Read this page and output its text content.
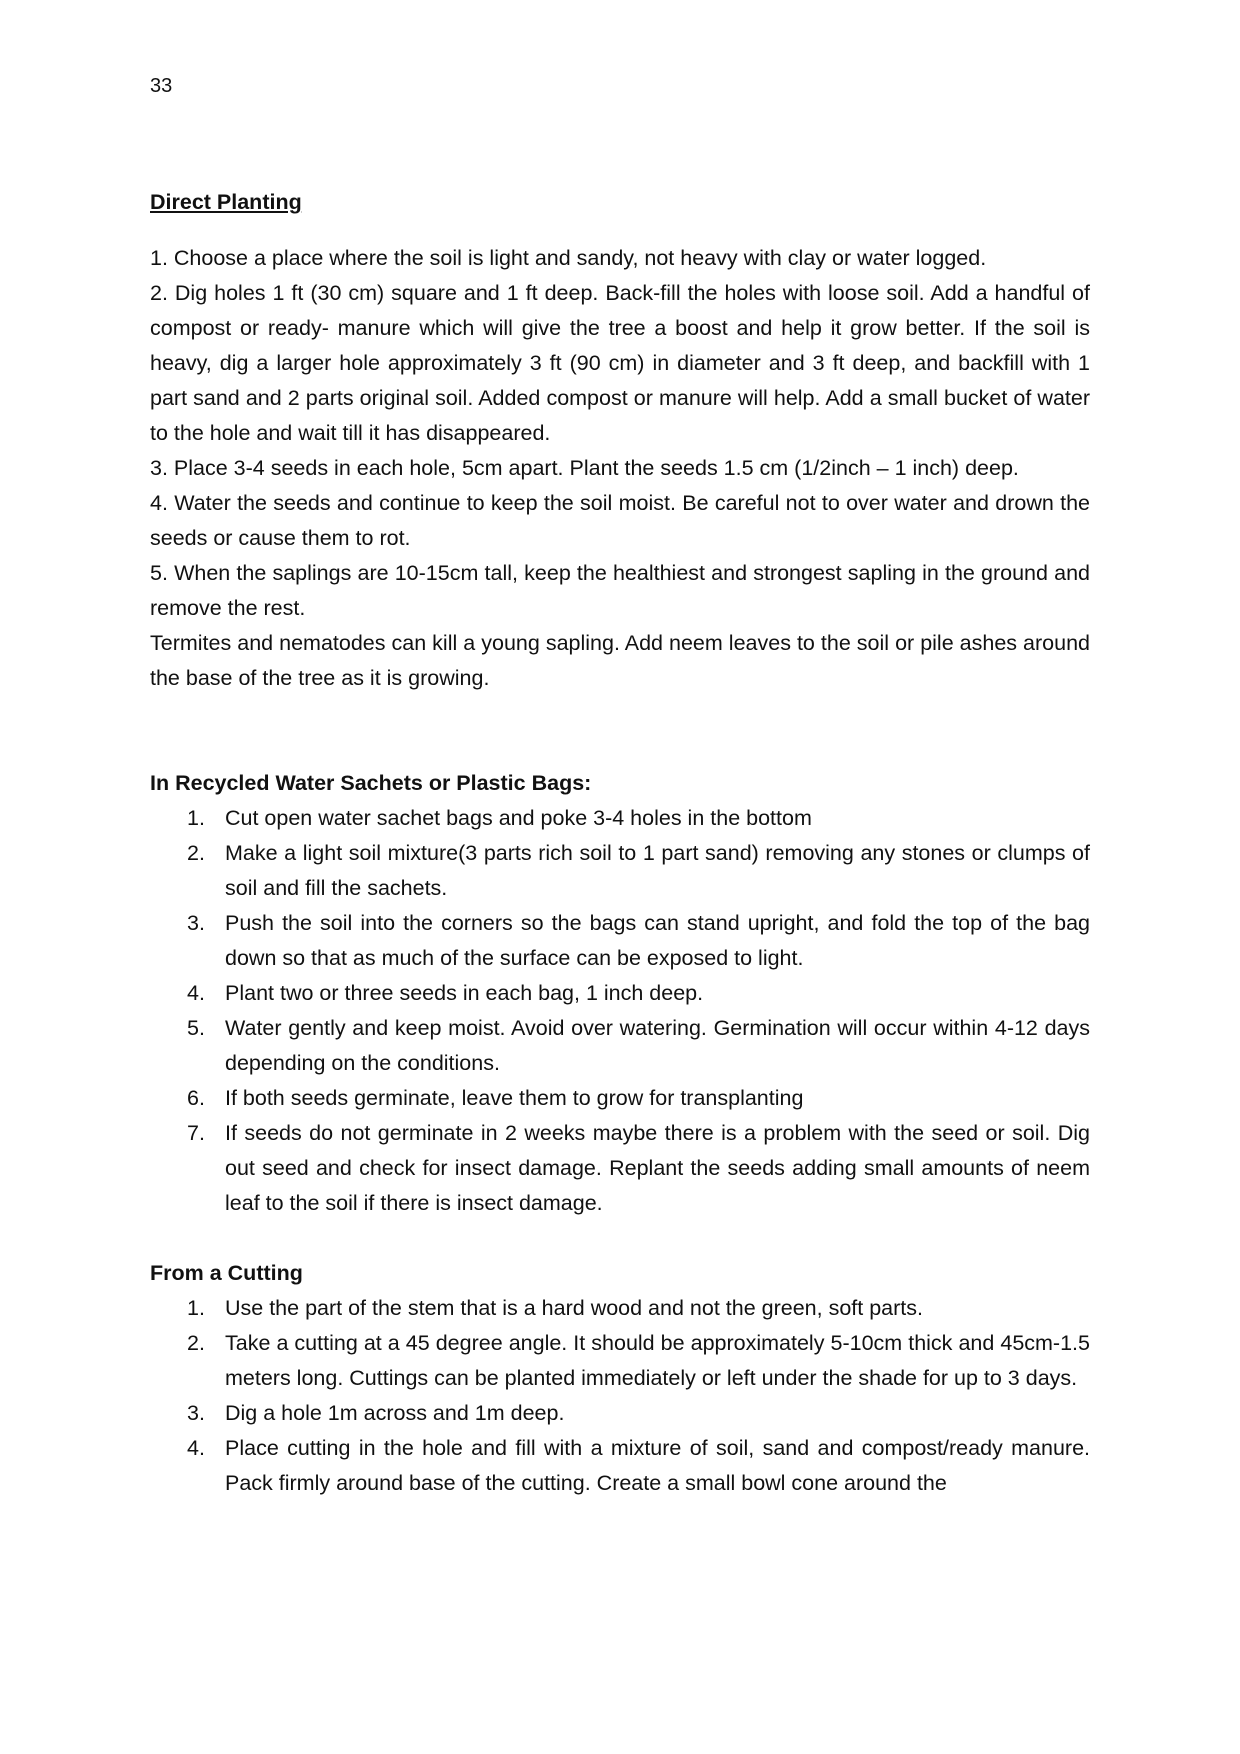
33
Direct Planting

1. Choose a place where the soil is light and sandy, not heavy with clay or water logged.

2. Dig holes 1 ft (30 cm) square and 1 ft deep. Back-fill the holes with loose soil. Add a handful of compost or ready- manure which will give the tree a boost and help it grow better. If the soil is heavy, dig a larger hole approximately 3 ft (90 cm) in diameter and 3 ft deep, and backfill with 1 part sand and 2 parts original soil. Added compost or manure will help. Add a small bucket of water to the hole and wait till it has disappeared.

3. Place 3-4 seeds in each hole, 5cm apart. Plant the seeds 1.5 cm (1/2inch – 1 inch) deep.

4. Water the seeds and continue to keep the soil moist. Be careful not to over water and drown the seeds or cause them to rot.

5. When the saplings are 10-15cm tall, keep the healthiest and strongest sapling in the ground and remove the rest.

Termites and nematodes can kill a young sapling. Add neem leaves to the soil or pile ashes around the base of the tree as it is growing.

In Recycled Water Sachets or Plastic Bags:
1. Cut open water sachet bags and poke 3-4 holes in the bottom
2. Make a light soil mixture(3 parts rich soil to 1 part sand) removing any stones or clumps of soil and fill the sachets.
3. Push the soil into the corners so the bags can stand upright, and fold the top of the bag down so that as much of the surface can be exposed to light.
4. Plant two or three seeds in each bag, 1 inch deep.
5. Water gently and keep moist. Avoid over watering. Germination will occur within 4-12 days depending on the conditions.
6. If both seeds germinate, leave them to grow for transplanting
7. If seeds do not germinate in 2 weeks maybe there is a problem with the seed or soil. Dig out seed and check for insect damage. Replant the seeds adding small amounts of neem leaf to the soil if there is insect damage.
From a Cutting
1. Use the part of the stem that is a hard wood and not the green, soft parts.
2. Take a cutting at a 45 degree angle. It should be approximately 5-10cm thick and 45cm-1.5 meters long. Cuttings can be planted immediately or left under the shade for up to 3 days.
3. Dig a hole 1m across and 1m deep.
4. Place cutting in the hole and fill with a mixture of soil, sand and compost/ready manure. Pack firmly around base of the cutting. Create a small bowl cone around the
